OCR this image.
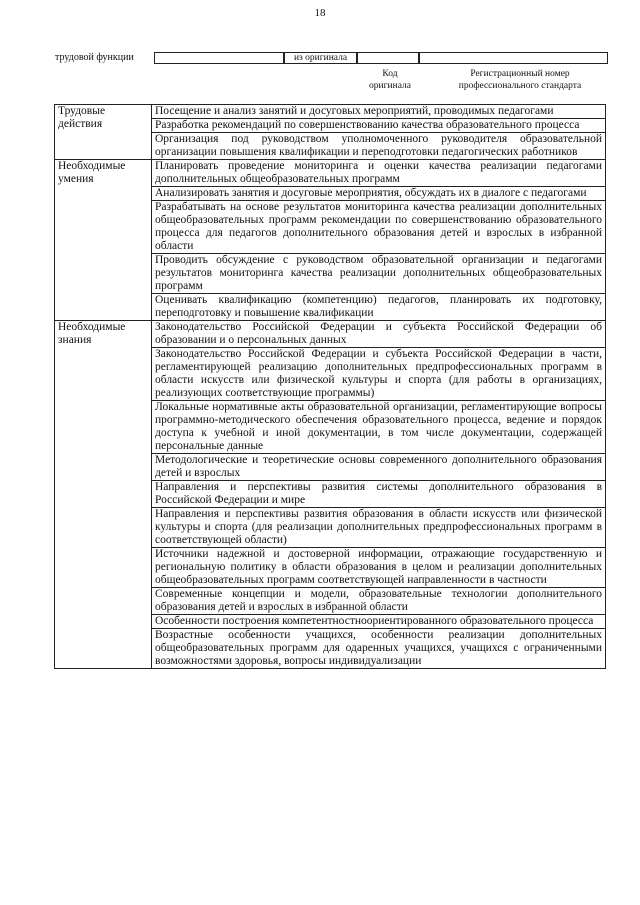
18
трудовой функции	из оригинала
Код
оригинала
Регистрационный номер
профессионального стандарта
Трудовые действия	Посещение и анализ занятий и досуговых мероприятий, проводимых педагогами
	Разработка рекомендаций по совершенствованию качества образовательного процесса
	Организация под руководством уполномоченного руководителя образовательной организации повышения квалификации и переподготовки педагогических работников
Необходимые умения	Планировать проведение мониторинга и оценки качества реализации педагогами дополнительных общеобразовательных программ
	Анализировать занятия и досуговые мероприятия, обсуждать их в диалоге с педагогами
	Разрабатывать на основе результатов мониторинга качества реализации дополнительных общеобразовательных программ рекомендации по совершенствованию образовательного процесса для педагогов дополнительного образования детей и взрослых в избранной области
	Проводить обсуждение с руководством образовательной организации и педагогами результатов мониторинга качества реализации дополнительных общеобразовательных программ
	Оценивать квалификацию (компетенцию) педагогов, планировать их подготовку, переподготовку и повышение квалификации
Необходимые знания	Законодательство Российской Федерации и субъекта Российской Федерации об образовании и о персональных данных
	Законодательство Российской Федерации и субъекта Российской Федерации в части, регламентирующей реализацию дополнительных предпрофессиональных программ в области искусств или физической культуры и спорта (для работы в организациях, реализующих соответствующие программы)
	Локальные нормативные акты образовательной организации, регламентирующие вопросы программно-методического обеспечения образовательного процесса, ведение и порядок доступа к учебной и иной документации, в том числе документации, содержащей персональные данные
	Методологические и теоретические основы современного дополнительного образования детей и взрослых
	Направления и перспективы развития системы дополнительного образования в Российской Федерации и мире
	Направления и перспективы развития образования в области искусств или физической культуры и спорта (для реализации дополнительных предпрофессиональных программ в соответствующей области)
	Источники надежной и достоверной информации, отражающие государственную и региональную политику в области образования в целом и реализации дополнительных общеобразовательных программ соответствующей направленности в частности
	Современные концепции и модели, образовательные технологии дополнительного образования детей и взрослых в избранной области
	Особенности построения компетентностноориентированного образовательного процесса
	Возрастные особенности учащихся, особенности реализации дополнительных общеобразовательных программ для одаренных учащихся, учащихся с ограниченными возможностями здоровья, вопросы индивидуализации
